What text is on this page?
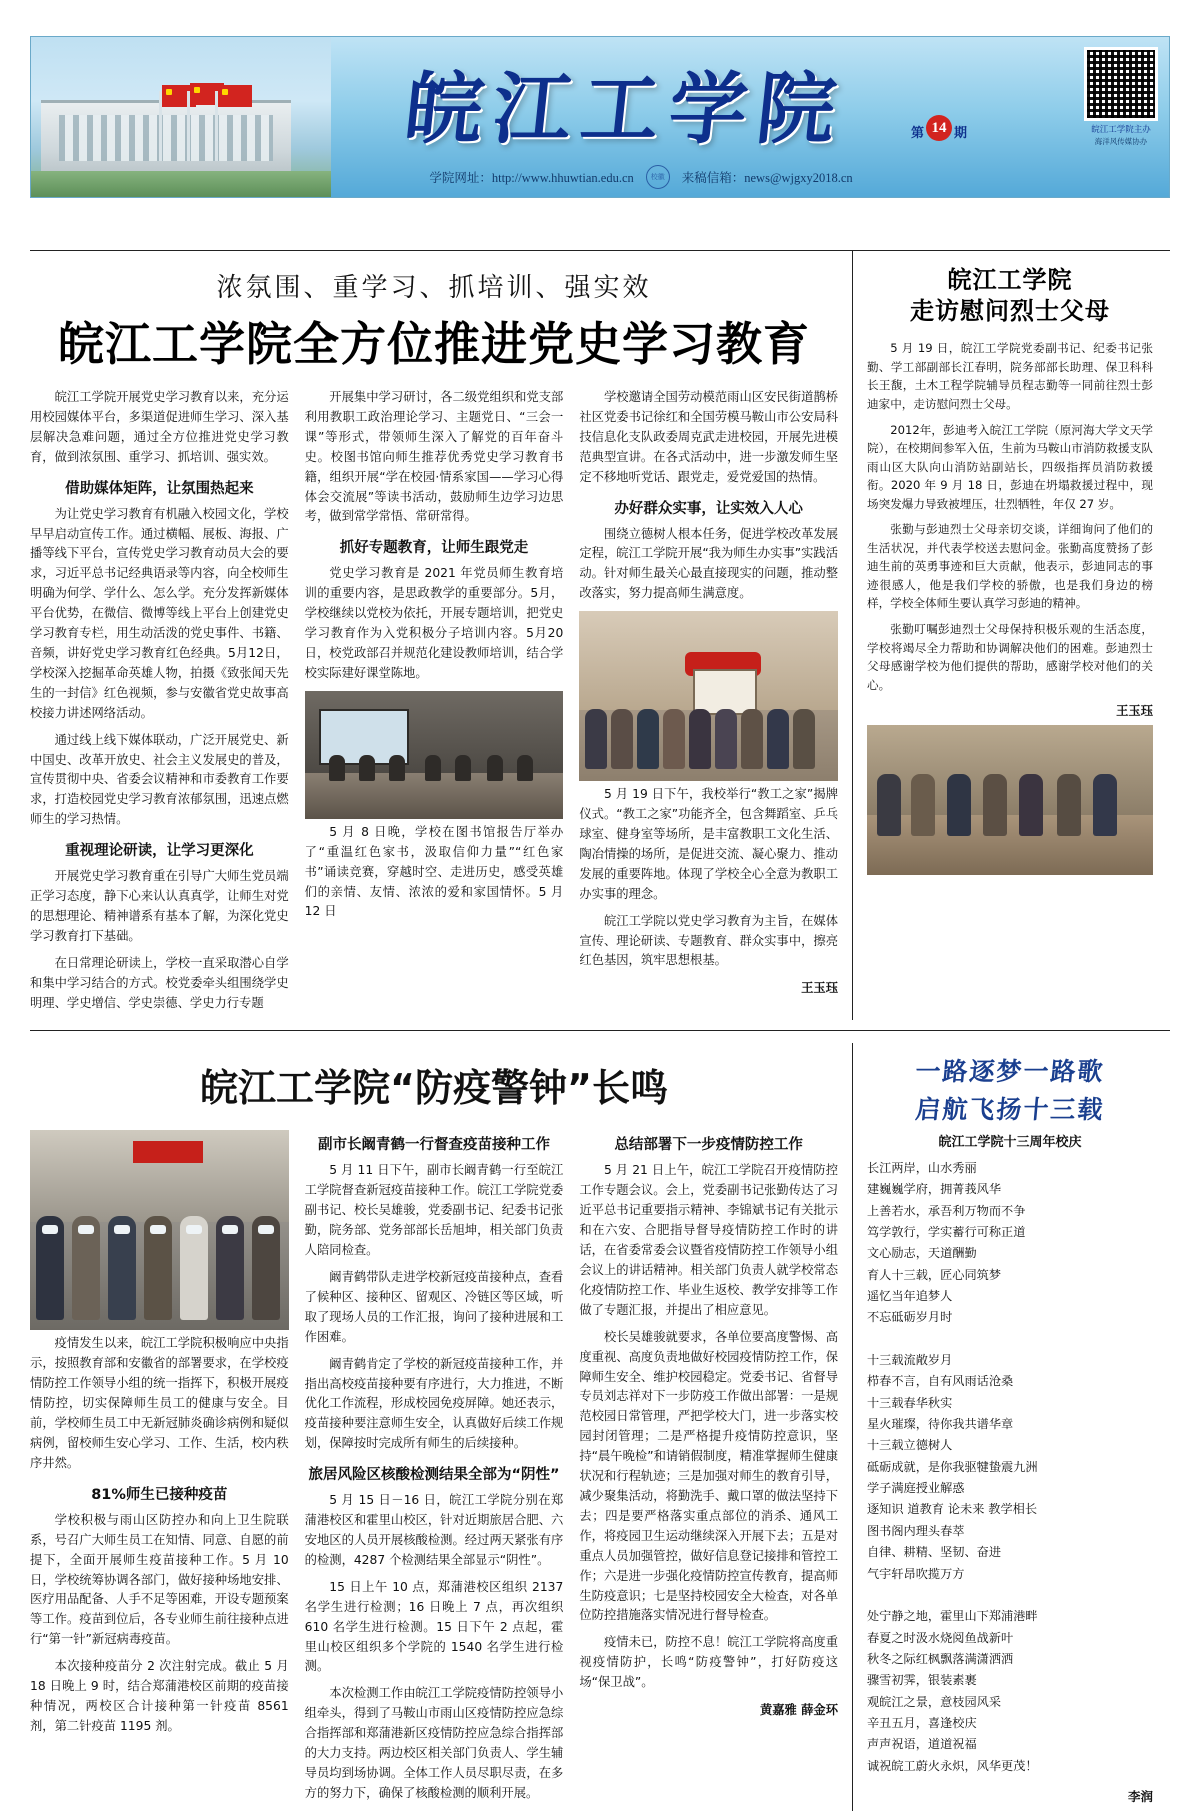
皖江工学院	第 14 期
学院网址：http://www.hhuwtian.edu.cn	校徽	来稿信箱：news@wjgxy2018.cn
皖江工学院主办
海洋风传媒协办
浓氛围、重学习、抓培训、强实效
皖江工学院全方位推进党史学习教育

皖江工学院开展党史学习教育以来，充分运用校园媒体平台，多渠道促进师生学习、深入基层解决急难问题，通过全方位推进党史学习教育，做到浓氛围、重学习、抓培训、强实效。

借助媒体矩阵，让氛围热起来

为让党史学习教育有机融入校园文化，学校早早启动宣传工作。通过横幅、展板、海报、广播等线下平台，宣传党史学习教育动员大会的要求，习近平总书记经典语录等内容，向全校师生明确为何学、学什么、怎么学。充分发挥新媒体平台优势，在微信、微博等线上平台上创建党史学习教育专栏，用生动活泼的党史事件、书籍、音频，讲好党史学习教育红色经典。5月12日，学校深入挖掘革命英雄人物，拍摄《致张闻天先生的一封信》红色视频，参与安徽省党史故事高校接力讲述网络活动。

通过线上线下媒体联动，广泛开展党史、新中国史、改革开放史、社会主义发展史的普及，宣传贯彻中央、省委会议精神和市委教育工作要求，打造校园党史学习教育浓郁氛围，迅速点燃师生的学习热情。

重视理论研读，让学习更深化

开展党史学习教育重在引导广大师生党员端正学习态度，静下心来认认真真学，让师生对党的思想理论、精神谱系有基本了解，为深化党史学习教育打下基础。

在日常理论研读上，学校一直采取潜心自学和集中学习结合的方式。校党委牵头组围绕学史明理、学史增信、学史崇德、学史力行专题

开展集中学习研讨，各二级党组织和党支部利用教职工政治理论学习、主题党日、“三会一课”等形式，带领师生深入了解党的百年奋斗史。校图书馆向师生推荐优秀党史学习教育书籍，组织开展“学在校园·情系家国——学习心得体会交流展”等读书活动，鼓励师生边学习边思考，做到常学常悟、常研常得。

抓好专题教育，让师生跟党走

党史学习教育是 2021 年党员师生教育培训的重要内容，是思政教学的重要部分。5月，学校继续以党校为依托，开展专题培训，把党史学习教育作为入党积极分子培训内容。5月20日，校党政部召并规范化建设教师培训，结合学校实际建好课堂陈地。

5 月 8 日晚，学校在图书馆报告厅举办了“重温红色家书，汲取信仰力量”“红色家书”诵读竞赛，穿越时空、走进历史，感受英雄们的亲情、友情、浓浓的爱和家国情怀。5 月 12 日

学校邀请全国劳动模范雨山区安民街道鹊桥社区党委书记徐红和全国劳模马鞍山市公安局科技信息化支队政委周克武走进校园，开展先进模范典型宣讲。在各式活动中，进一步激发师生坚定不移地听党话、跟党走，爱党爱国的热情。

办好群众实事，让实效入人心

围绕立德树人根本任务，促进学校改革发展定程，皖江工学院开展“我为师生办实事”实践活动。针对师生最关心最直接现实的问题，推动整改落实，努力提高师生满意度。

5 月 19 日下午，我校举行“教工之家”揭牌仪式。“教工之家”功能齐全，包含舞蹈室、乒乓球室、健身室等场所，是丰富教职工文化生活、陶冶情操的场所，是促进交流、凝心聚力、推动发展的重要阵地。体现了学校全心全意为教职工办实事的理念。

皖江工学院以党史学习教育为主旨，在媒体宣传、理论研读、专题教育、群众实事中，擦亮红色基因，筑牢思想根基。

王玉珏
皖江工学院
走访慰问烈士父母

5 月 19 日，皖江工学院党委副书记、纪委书记张勤、学工部副部长江春明，院务部部长助理、保卫科科长王馥，土木工程学院辅导员程志勤等一同前往烈士彭迪家中，走访慰问烈士父母。

2012年，彭迪考入皖江工学院（原河海大学文天学院），在校期间参军入伍，生前为马鞍山市消防救援支队雨山区大队向山消防站副站长，四级指挥员消防救援衔。2020 年 9 月 18 日，彭迪在坍塌救援过程中，现场突发爆力导致被埋压，壮烈牺牲，年仅 27 岁。

张勤与彭迪烈士父母亲切交谈，详细询问了他们的生活状况，并代表学校送去慰问金。张勤高度赞扬了彭迪生前的英勇事迹和巨大贡献，他表示，彭迪同志的事迹很感人，他是我们学校的骄傲，也是我们身边的榜样，学校全体师生要认真学习彭迪的精神。

张勤叮嘱彭迪烈士父母保持积极乐观的生活态度，学校将竭尽全力帮助和协调解决他们的困难。彭迪烈士父母感谢学校为他们提供的帮助，感谢学校对他们的关心。

王玉珏
皖江工学院“防疫警钟”长鸣

疫情发生以来，皖江工学院积极响应中央指示，按照教育部和安徽省的部署要求，在学校疫情防控工作领导小组的统一指挥下，积极开展疫情防控，切实保障师生员工的健康与安全。目前，学校师生员工中无新冠肺炎确诊病例和疑似病例，留校师生安心学习、工作、生活，校内秩序井然。

81%师生已接种疫苗

学校积极与雨山区防控办和向上卫生院联系，号召广大师生员工在知情、同意、自愿的前提下，全面开展师生疫苗接种工作。5 月 10 日，学校统筹协调各部门，做好接种场地安排、医疗用品配备、人手不足等困难，开设专题预案等工作。疫苗到位后，各专业师生前往接种点进行“第一针”新冠病毒疫苗。

本次接种疫苗分 2 次注射完成。截止 5 月 18 日晚上 9 时，结合郑蒲港校区前期的疫苗接种情况，两校区合计接种第一针疫苗 8561 剂，第二针疫苗 1195 剂。

副市长阚青鹤一行督查疫苗接种工作

5 月 11 日下午，副市长阚青鹤一行至皖江工学院督查新冠疫苗接种工作。皖江工学院党委副书记、校长吴雄骏，党委副书记、纪委书记张勤，院务部、党务部部长岳旭坤，相关部门负责人陪同检查。

阚青鹤带队走进学校新冠疫苗接种点，查看了候种区、接种区、留观区、冷链区等区域，听取了现场人员的工作汇报，询问了接种进展和工作困难。

阚青鹤肯定了学校的新冠疫苗接种工作，并指出高校疫苗接种要有序进行，大力推进，不断优化工作流程，形成校园免疫屏障。她还表示，疫苗接种要注意师生安全，认真做好后续工作规划，保障按时完成所有师生的后续接种。

旅居风险区核酸检测结果全部为“阴性”

5 月 15 日－16 日，皖江工学院分别在郑蒲港校区和霍里山校区，针对近期旅居合肥、六安地区的人员开展核酸检测。经过两天紧张有序的检测，4287 个检测结果全部显示“阴性”。

15 日上午 10 点，郑蒲港校区组织 2137 名学生进行检测；16 日晚上 7 点，再次组织 610 名学生进行检测。15 日下午 2 点起，霍里山校区组织多个学院的 1540 名学生进行检测。

本次检测工作由皖江工学院疫情防控领导小组牵头，得到了马鞍山市雨山区疫情防控应急综合指挥部和郑蒲港新区疫情防控应急综合指挥部的大力支持。两边校区相关部门负责人、学生辅导员均到场协调。全体工作人员尽职尽责，在多方的努力下，确保了核酸检测的顺利开展。

总结部署下一步疫情防控工作

5 月 21 日上午，皖江工学院召开疫情防控工作专题会议。会上，党委副书记张勤传达了习近平总书记重要指示精神、李锦斌书记有关批示和在六安、合肥指导督导疫情防控工作时的讲话，在省委常委会议暨省疫情防控工作领导小组会议上的讲话精神。相关部门负责人就学校常态化疫情防控工作、毕业生返校、教学安排等工作做了专题汇报，并提出了相应意见。

校长吴雄骏就要求，各单位要高度警惕、高度重视、高度负责地做好校园疫情防控工作，保障师生安全、维护校园稳定。党委书记、省督导专员刘志祥对下一步防疫工作做出部署：一是规范校园日常管理，严把学校大门，进一步落实校园封闭管理；二是严格提升疫情防控意识，坚持“晨午晚检”和请销假制度，精准掌握师生健康状况和行程轨迹；三是加强对师生的教育引导，减少聚集活动，将勤洗手、戴口罩的做法坚持下去；四是要严格落实重点部位的消杀、通风工作，将疫园卫生运动继续深入开展下去；五是对重点人员加强管控，做好信息登记接排和管控工作；六是进一步强化疫情防控宣传教育，提高师生防疫意识；七是坚持校园安全大检查，对各单位防控措施落实情况进行督导检查。

疫情未已，防控不息！皖江工学院将高度重视疫情防护，长鸣“防疫警钟”，打好防疫这场“保卫战”。

黄嘉雅 薛金环
一路逐梦一路歌
启航飞扬十三载
皖江工学院十三周年校庆
长江两岸，山水秀丽
建巍巍学府，拥菁莪风华
上善若水，承吾利万物而不争
笃学敦行，学实蓄行可称正道
文心励志，天道酬勤
育人十三载，匠心同筑梦
遥忆当年追梦人
不忘砥砺岁月时

十三载流敞岁月
栉春不言，自有风雨话沧桑
十三载春华秋实
星火璀璨，待你我共谱华章
十三载立德树人
砥砺成就，是你我驱犍蛰震九洲
学子满庭授业解惑
逐知识 道教育 论未来 教学相长
图书阁内理头春萃
自律、耕精、坚韧、奋进
气宇轩昂吹揽万方

处宁静之地，霍里山下郑浦港畔
春夏之时汲水烧阅鱼战新叶
秋冬之际红枫飘落满潇洒洒
骤雪初霁，银装素裹
观皖江之景，意枝园风采
辛丑五月，喜逢校庆
声声祝语，道道祝福
诚祝皖工蔚火永炽，风华更茂！
李润
